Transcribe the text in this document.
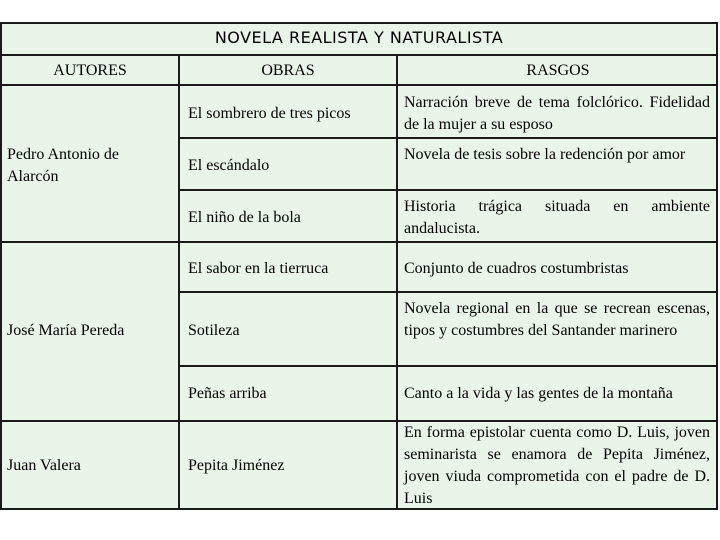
NOVELA REALISTA Y NATURALISTA
AUTORES	OBRAS	RASGOS
Pedro Antonio de Alarcón
José María Pereda
Juan Valera
El sombrero de tres picos
El escándalo
El niño de la bola
El sabor en la tierruca
Sotileza
Peñas arriba
Pepita Jiménez
Narración breve de tema folclórico. Fidelidad de la mujer a su esposo
Novela de tesis sobre la redención por amor
Historia trágica situada en ambiente andalucista.
Conjunto de cuadros costumbristas
Novela regional en la que se recrean escenas, tipos y costumbres del Santander marinero
Canto a la vida y las gentes de la montaña
En forma epistolar cuenta como D. Luis, joven seminarista se enamora de Pepita Jiménez, joven viuda comprometida con el padre de D. Luis
